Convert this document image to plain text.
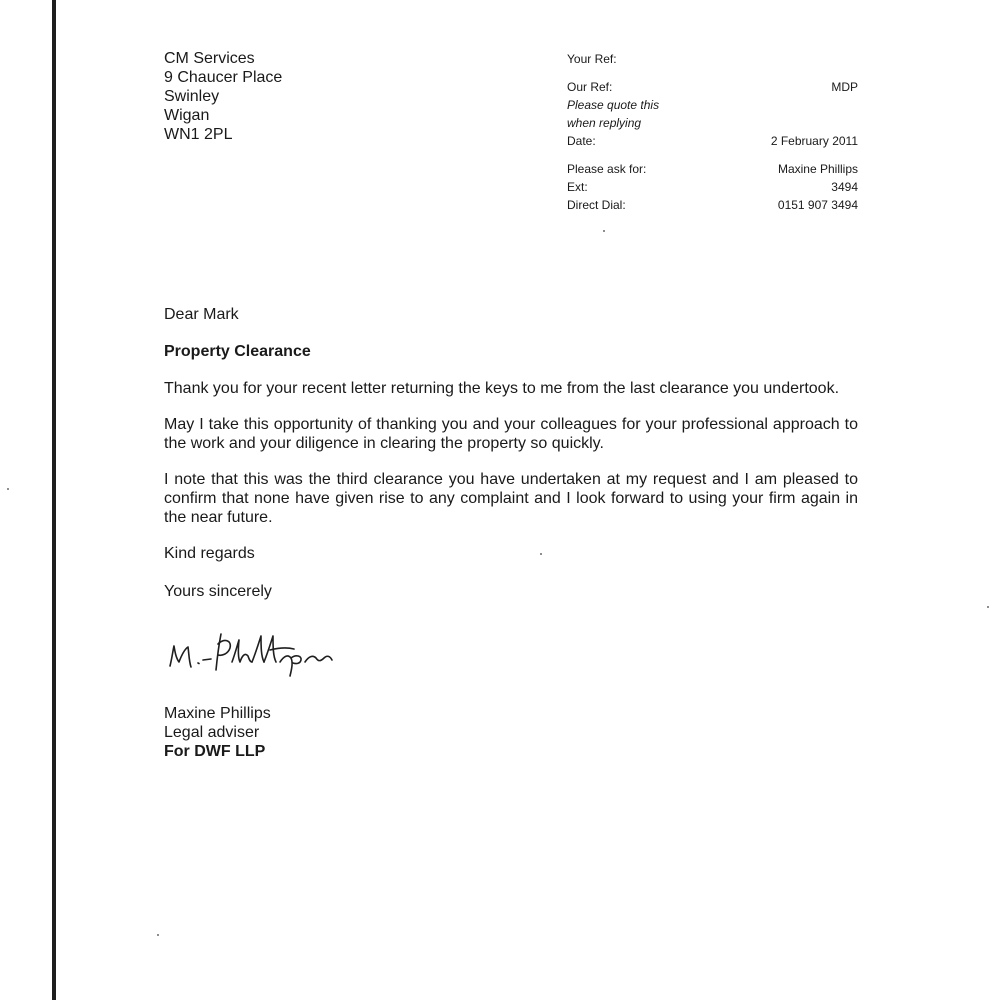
CM Services
9 Chaucer Place
Swinley
Wigan
WN1 2PL
Your Ref:
Our Ref:	MDP
Please quote this
when replying
Date:	2 February 2011
Please ask for:	Maxine Phillips
Ext:	3494
Direct Dial:	0151 907 3494

Dear Mark

Property Clearance

Thank you for your recent letter returning the keys to me from the last clearance you undertook.

May I take this opportunity of thanking you and your colleagues for your professional approach to the work and your diligence in clearing the property so quickly.

I note that this was the third clearance you have undertaken at my request and I am pleased to confirm that none have given rise to any complaint and I look forward to using your firm again in the near future.

Kind regards

Yours sincerely

Maxine Phillips
Legal adviser
For DWF LLP
